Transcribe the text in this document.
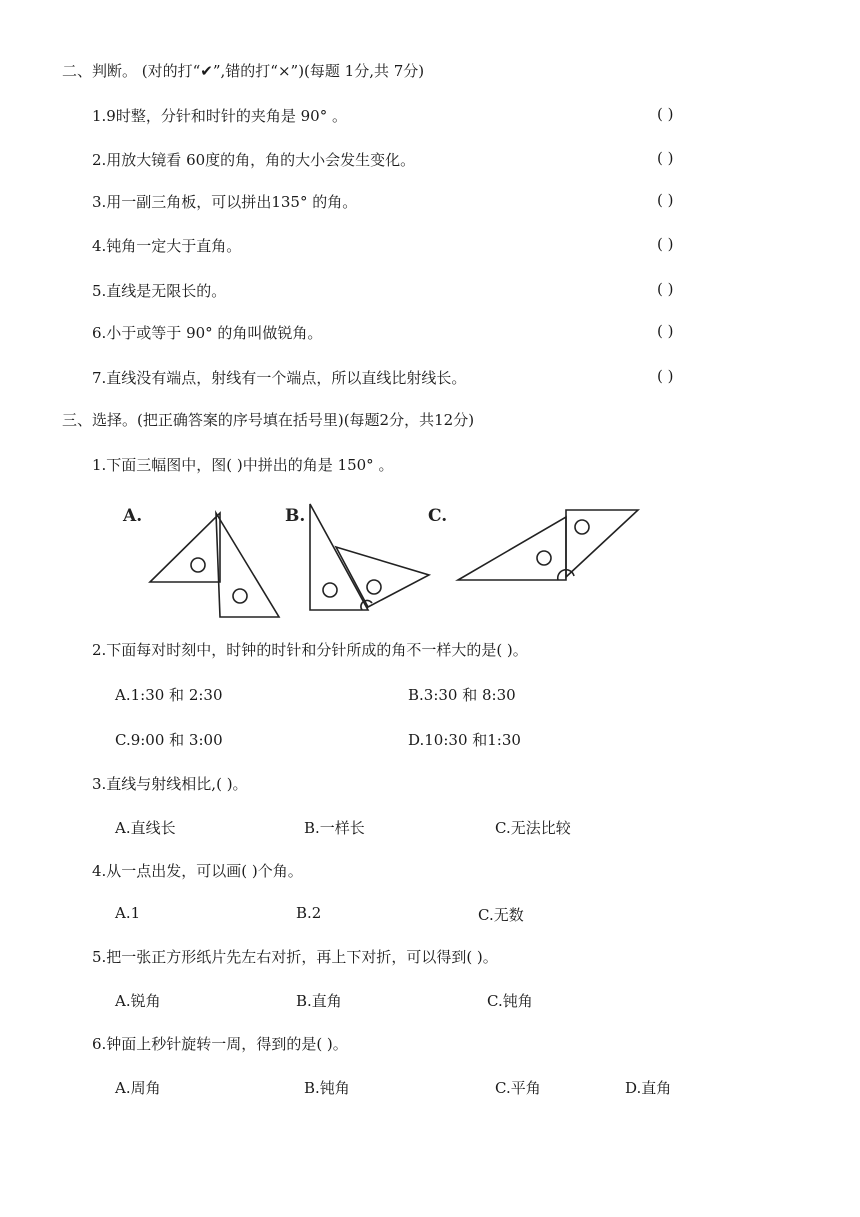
二、判断。 (对的打“✔”,错的打“×”)(每题 1分,共 7分)
1.9时整，分针和时针的夹角是 90° 。	( )
2.用放大镜看 60度的角，角的大小会发生变化。	( )
3.用一副三角板，可以拼出135° 的角。	( )
4.钝角一定大于直角。	( )
5.直线是无限长的。	( )
6.小于或等于 90° 的角叫做锐角。	( )
7.直线没有端点，射线有一个端点，所以直线比射线长。	( )
三、选择。(把正确答案的序号填在括号里)(每题2分，共12分)
1.下面三幅图中，图( )中拼出的角是 150° 。
A.	B.	C.
2.下面每对时刻中，时钟的时针和分针所成的角不一样大的是( )。
A.1:30 和 2:30	B.3:30 和 8:30
C.9:00 和 3:00	D.10:30 和1:30
3.直线与射线相比,( )。
A.直线长	B.一样长	C.无法比较
4.从一点出发，可以画( )个角。
A.1	B.2	C.无数
5.把一张正方形纸片先左右对折，再上下对折，可以得到( )。
A.锐角	B.直角	C.钝角
6.钟面上秒针旋转一周，得到的是( )。
A.周角	B.钝角	C.平角	D.直角
